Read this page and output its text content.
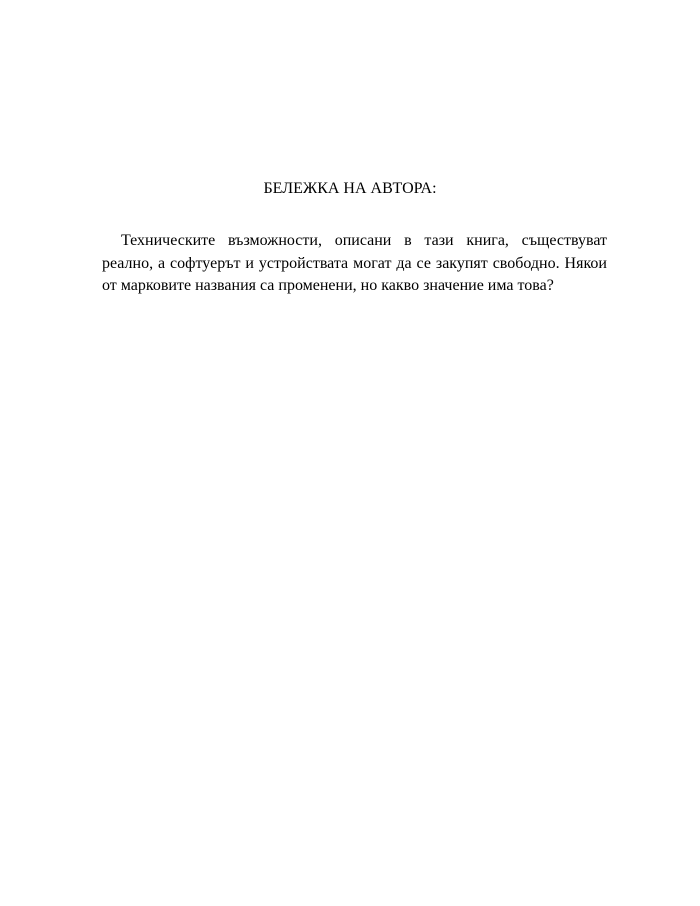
БЕЛЕЖКА НА АВТОРА:

Техническите възможности, описани в тази книга, съществуват реално, а софтуерът и устройствата могат да се закупят свободно. Някои от марковите названия са променени, но какво значение има това?
